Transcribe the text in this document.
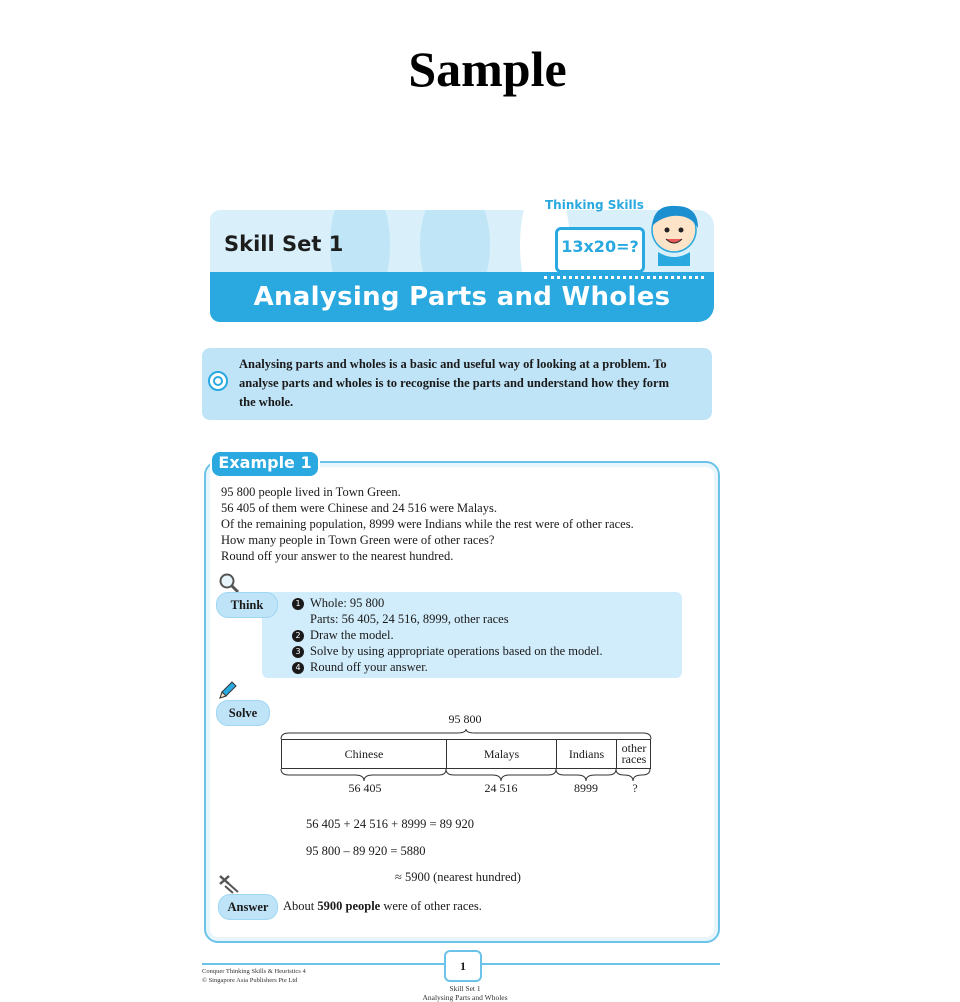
Sample
Skill Set 1
Analysing Parts and Wholes
Thinking Skills
13x20=?
Analysing parts and wholes is a basic and useful way of looking at a problem. To
analyse parts and wholes is to recognise the parts and understand how they form
the whole.
Example 1
95 800 people lived in Town Green.
56 405 of them were Chinese and 24 516 were Malays.
Of the remaining population, 8999 were Indians while the rest were of other races.
How many people in Town Green were of other races?
Round off your answer to the nearest hundred.
Think	1 Whole: 95 800
Parts: 56 405, 24 516, 8999, other races
2 Draw the model.
3 Solve by using appropriate operations based on the model.
4 Round off your answer.
Solve	95 800
Chinese	Malays	Indians	other
races
56 405	24 516	8999	?
56 405 + 24 516 + 8999 = 89 920
95 800 – 89 920 = 5880
≈ 5900 (nearest hundred)
Answer	About 5900 people were of other races.
1
Conquer Thinking Skills & Heuristics 4
© Singapore Asia Publishers Pte Ltd
Skill Set 1
Analysing Parts and Wholes
